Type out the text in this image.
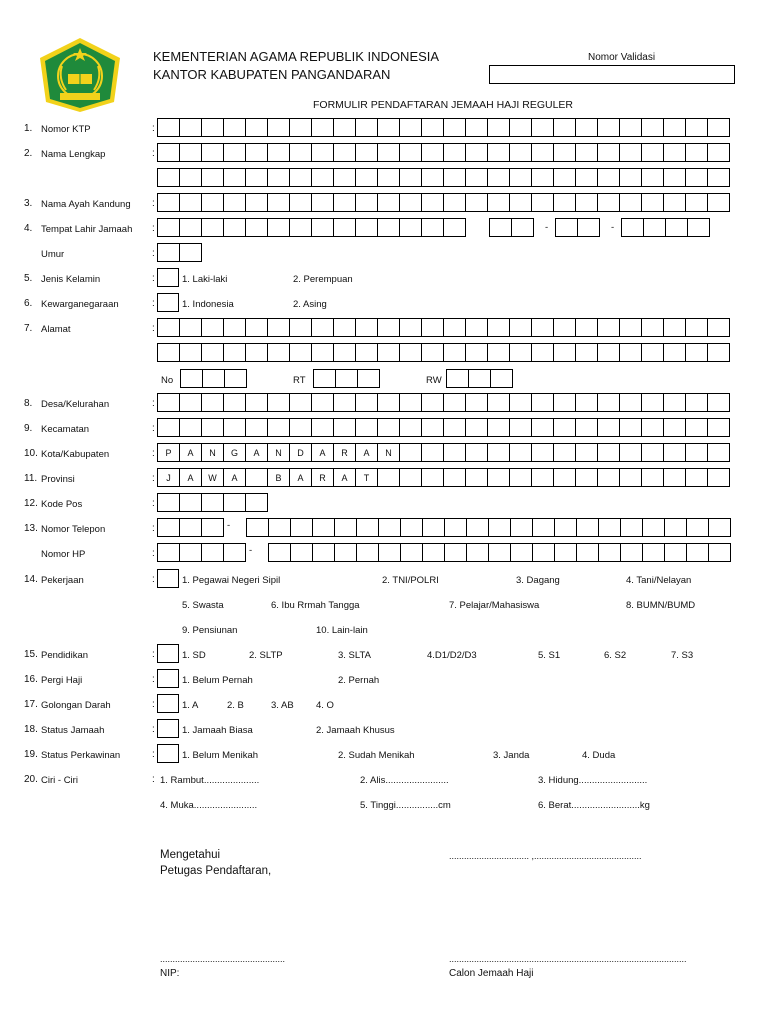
KEMENTERIAN AGAMA REPUBLIK INDONESIA
KANTOR KABUPATEN PANGANDARAN
Nomor Validasi
FORMULIR PENDAFTARAN JEMAAH HAJI REGULER
1. Nomor KTP	:
2. Nama Lengkap	:
3. Nama Ayah Kandung :
4. Tempat Lahir Jamaah :	-	-
Umur	:
5. Jenis Kelamin	:	1. Laki-laki	2. Perempuan
6. Kewarganegaraan	:	1. Indonesia	2. Asing
7. Alamat	:
No	RT	RW
8. Desa/Kelurahan	:
9. Kecamatan	:
10. Kota/Kabupaten	:	P	A	N	G	A	N	D	A	R	A	N
11. Provinsi	:	J	A	W	A	B	A	R	A	T
12. Kode Pos	:
13. Nomor Telepon	:	-
Nomor HP	:	-
14. Pekerjaan	:	1. Pegawai Negeri Sipil	2. TNI/POLRI	3. Dagang	4. Tani/Nelayan
5. Swasta	6. Ibu Rrmah Tangga	7. Pelajar/Mahasiswa	8. BUMN/BUMD
9. Pensiunan	10. Lain-lain
15. Pendidikan	:	1. SD	2. SLTP	3. SLTA	4.D1/D2/D3	5. S1	6. S2	7. S3
16. Pergi Haji	:	1. Belum Pernah	2. Pernah
17. Golongan Darah	:	1. A	2. B	3. AB 4. O
18. Status Jamaah	:	1. Jamaah Biasa	2. Jamaah Khusus
19. Status Perkawinan	:	1. Belum Menikah	2. Sudah Menikah	3. Janda	4. Duda
20. Ciri - Ciri	: 1. Rambut.....................	2. Alis........................	3. Hidung..........................
4. Muka........................	5. Tinggi................cm	6. Berat..........................kg
Mengetahui
Petugas Pendaftaran,
................................ ,...........................................
..................................................	...............................................................................................
NIP:	Calon Jemaah Haji
